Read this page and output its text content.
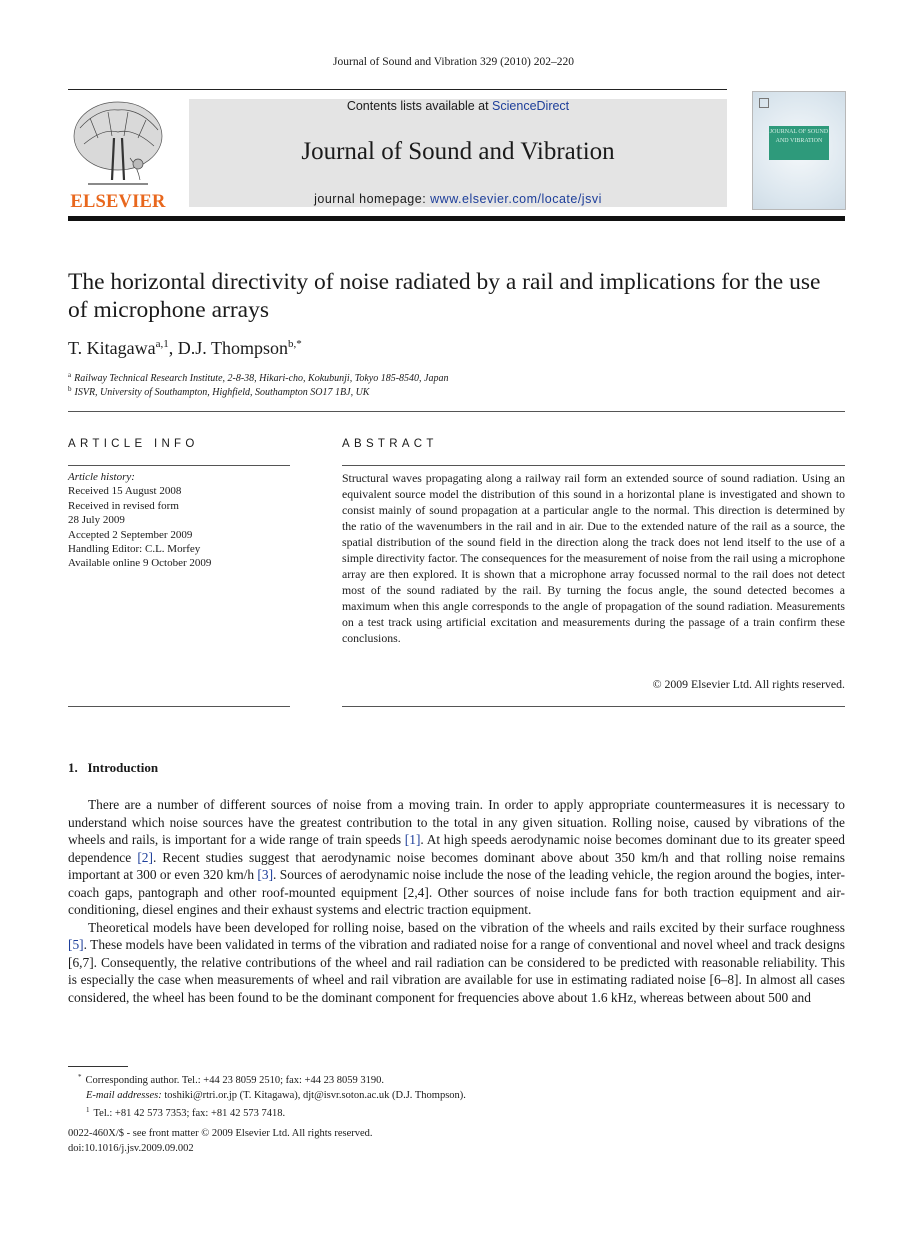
Journal of Sound and Vibration 329 (2010) 202–220
ELSEVIER
Contents lists available at ScienceDirect
Journal of Sound and Vibration
journal homepage: www.elsevier.com/locate/jsvi
JOURNAL OF SOUND AND VIBRATION
The horizontal directivity of noise radiated by a rail and implications for the use of microphone arrays
T. Kitagawa$^{a,1}$, D.J. Thompson$^{b,*}$
$^a$ Railway Technical Research Institute, 2-8-38, Hikari-cho, Kokubunji, Tokyo 185-8540, Japan
$^b$ ISVR, University of Southampton, Highfield, Southampton SO17 1BJ, UK
ARTICLE INFO
Article history:
Received 15 August 2008
Received in revised form
28 July 2009
Accepted 2 September 2009
Handling Editor: C.L. Morfey
Available online 9 October 2009
ABSTRACT
Structural waves propagating along a railway rail form an extended source of sound radiation. Using an equivalent source model the distribution of this sound in a horizontal plane is investigated and shown to consist mainly of sound propagation at a particular angle to the normal. This direction is determined by the ratio of the wavenumbers in the rail and in air. Due to the extended nature of the rail as a source, the spatial distribution of the sound field in the direction along the track does not lend itself to the use of a simple directivity factor. The consequences for the measurement of noise from the rail using a microphone array are then explored. It is shown that a microphone array focussed normal to the rail does not detect most of the sound radiated by the rail. By turning the focus angle, the sound detected becomes a maximum when this angle corresponds to the angle of propagation of the sound radiation. Measurements on a test track using artificial excitation and measurements during the passage of a train confirm these conclusions.
© 2009 Elsevier Ltd. All rights reserved.
1.   Introduction

There are a number of different sources of noise from a moving train. In order to apply appropriate countermeasures it is necessary to understand which noise sources have the greatest contribution to the total in any given situation. Rolling noise, caused by vibrations of the wheels and rails, is important for a wide range of train speeds [1]. At high speeds aerodynamic noise becomes dominant due to its greater speed dependence [2]. Recent studies suggest that aerodynamic noise becomes dominant above about 350 km/h and that rolling noise remains important at 300 or even 320 km/h [3]. Sources of aerodynamic noise include the nose of the leading vehicle, the region around the bogies, inter-coach gaps, pantograph and other roof-mounted equipment [2,4]. Other sources of noise include fans for both traction equipment and air-conditioning, diesel engines and their exhaust systems and electric traction equipment.

Theoretical models have been developed for rolling noise, based on the vibration of the wheels and rails excited by their surface roughness [5]. These models have been validated in terms of the vibration and radiated noise for a range of conventional and novel wheel and track designs [6,7]. Consequently, the relative contributions of the wheel and rail radiation can be considered to be predicted with reasonable reliability. This is especially the case when measurements of wheel and rail vibration are available for use in estimating radiated noise [6–8]. In almost all cases considered, the wheel has been found to be the dominant component for frequencies above about 1.6 kHz, whereas between about 500 and

* Corresponding author. Tel.: +44 23 8059 2510; fax: +44 23 8059 3190.
E-mail addresses: toshiki@rtri.or.jp (T. Kitagawa), djt@isvr.soton.ac.uk (D.J. Thompson).
$^1$ Tel.: +81 42 573 7353; fax: +81 42 573 7418.
0022-460X/$ - see front matter © 2009 Elsevier Ltd. All rights reserved.
doi:10.1016/j.jsv.2009.09.002
